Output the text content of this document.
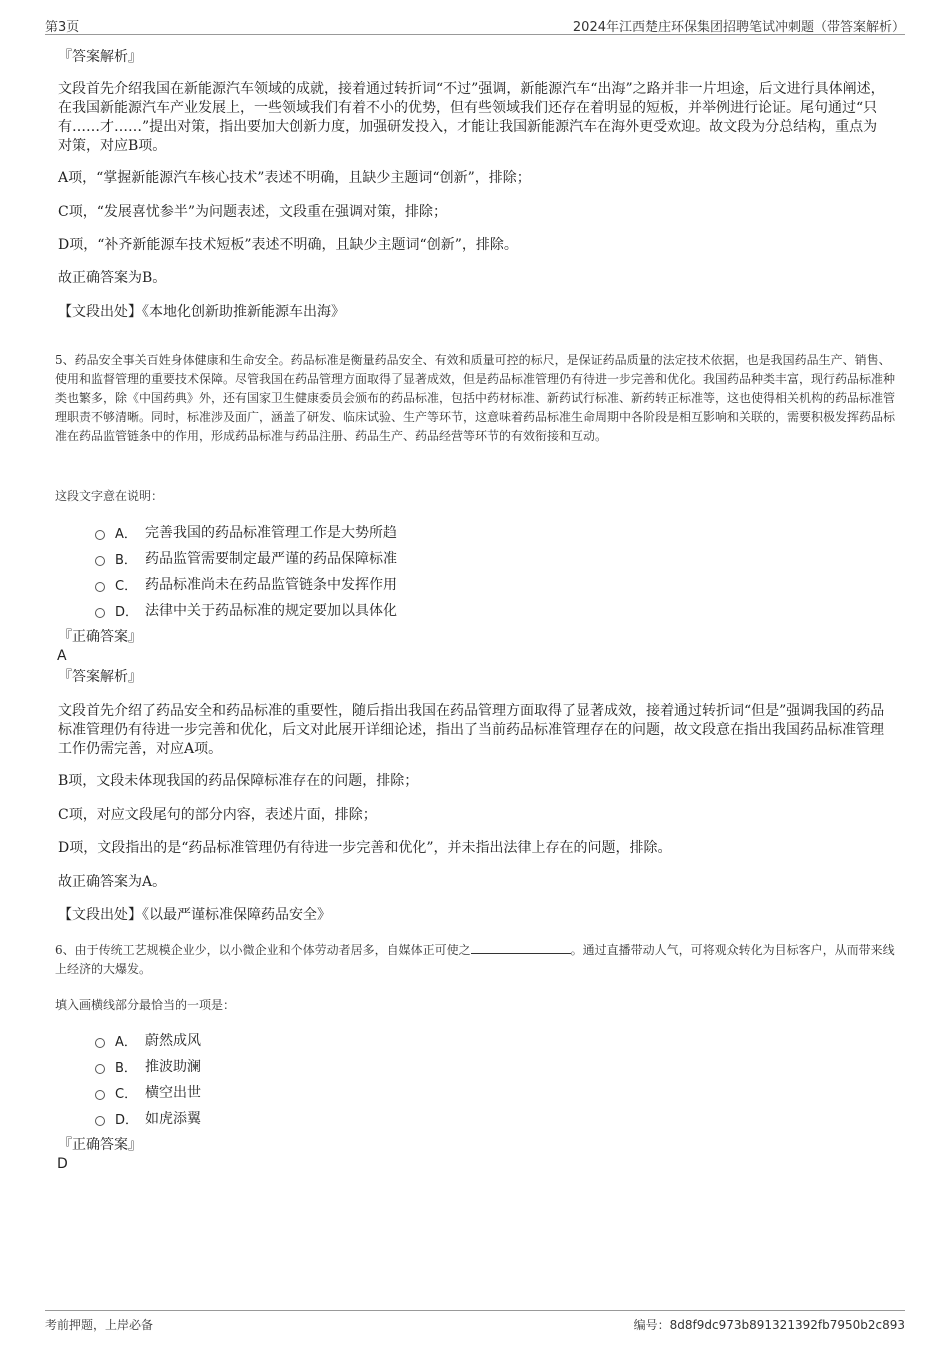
第3页	2024年江西楚庄环保集团招聘笔试冲刺题（带答案解析）
『答案解析』
文段首先介绍我国在新能源汽车领域的成就，接着通过转折词“不过”强调，新能源汽车“出海”之路并非一片坦途，后文进行具体阐述，在我国新能源汽车产业发展上，一些领域我们有着不小的优势，但有些领域我们还存在着明显的短板，并举例进行论证。尾句通过“只有……才……”提出对策，指出要加大创新力度，加强研发投入，才能让我国新能源汽车在海外更受欢迎。故文段为分总结构，重点为对策，对应B项。
A项，“掌握新能源汽车核心技术”表述不明确，且缺少主题词“创新”，排除；
C项，“发展喜忧参半”为问题表述，文段重在强调对策，排除；
D项，“补齐新能源车技术短板”表述不明确，且缺少主题词“创新”，排除。
故正确答案为B。
【文段出处】《本地化创新助推新能源车出海》
5、药品安全事关百姓身体健康和生命安全。药品标准是衡量药品安全、有效和质量可控的标尺，是保证药品质量的法定技术依据，也是我国药品生产、销售、使用和监督管理的重要技术保障。尽管我国在药品管理方面取得了显著成效，但是药品标准管理仍有待进一步完善和优化。我国药品种类丰富，现行药品标准种类也繁多，除《中国药典》外，还有国家卫生健康委员会颁布的药品标准，包括中药材标准、新药试行标准、新药转正标准等，这也使得相关机构的药品标准管理职责不够清晰。同时，标准涉及面广，涵盖了研发、临床试验、生产等环节，这意味着药品标准生命周期中各阶段是相互影响和关联的，需要积极发挥药品标准在药品监管链条中的作用，形成药品标准与药品注册、药品生产、药品经营等环节的有效衔接和互动。
这段文字意在说明：
A． 完善我国的药品标准管理工作是大势所趋
B． 药品监管需要制定最严谨的药品保障标准
C． 药品标准尚未在药品监管链条中发挥作用
D． 法律中关于药品标准的规定要加以具体化
『正确答案』
A
『答案解析』
文段首先介绍了药品安全和药品标准的重要性，随后指出我国在药品管理方面取得了显著成效，接着通过转折词“但是”强调我国的药品标准管理仍有待进一步完善和优化，后文对此展开详细论述，指出了当前药品标准管理存在的问题，故文段意在指出我国药品标准管理工作仍需完善，对应A项。
B项，文段未体现我国的药品保障标准存在的问题，排除；
C项，对应文段尾句的部分内容，表述片面，排除；
D项，文段指出的是“药品标准管理仍有待进一步完善和优化”，并未指出法律上存在的问题，排除。
故正确答案为A。
【文段出处】《以最严谨标准保障药品安全》
6、由于传统工艺规模企业少，以小微企业和个体劳动者居多，自媒体正可使之	。通过直播带动人气，可将观众转化为目标客户，从而带来线上经济的大爆发。
填入画横线部分最恰当的一项是：
A． 蔚然成风
B． 推波助澜
C． 横空出世
D． 如虎添翼
『正确答案』
D
考前押题，上岸必备	编号：8d8f9dc973b891321392fb7950b2c893
